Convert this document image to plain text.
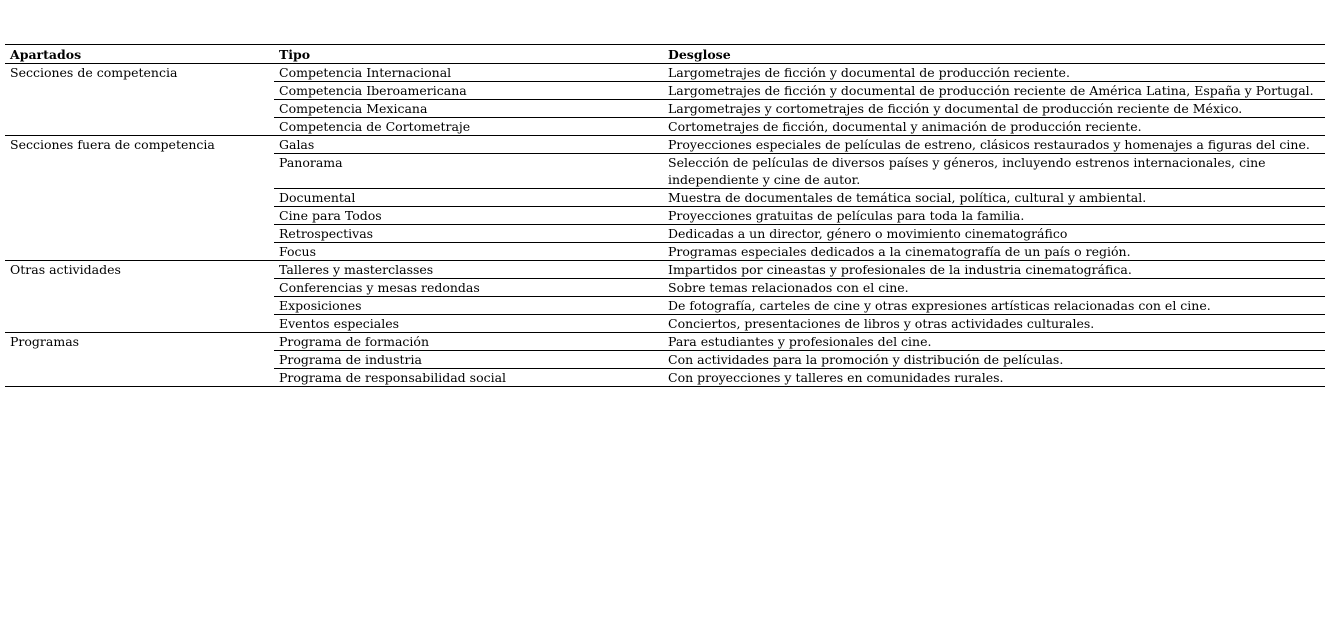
Apartados	Tipo	Desglose
Secciones de competencia	Competencia Internacional	Largometrajes de ficción y documental de producción reciente.
	Competencia Iberoamericana	Largometrajes de ficción y documental de producción reciente de América Latina, España y Portugal.
	Competencia Mexicana	Largometrajes y cortometrajes de ficción y documental de producción reciente de México.
	Competencia de Cortometraje	Cortometrajes de ficción, documental y animación de producción reciente.
Secciones fuera de competencia	Galas	Proyecciones especiales de películas de estreno, clásicos restaurados y homenajes a figuras del cine.
	Panorama	Selección de películas de diversos países y géneros, incluyendo estrenos internacionales, cine independiente y cine de autor.
	Documental	Muestra de documentales de temática social, política, cultural y ambiental.
	Cine para Todos	Proyecciones gratuitas de películas para toda la familia.
	Retrospectivas	Dedicadas a un director, género o movimiento cinematográfico
	Focus	Programas especiales dedicados a la cinematografía de un país o región.
Otras actividades	Talleres y masterclasses	Impartidos por cineastas y profesionales de la industria cinematográfica.
	Conferencias y mesas redondas	Sobre temas relacionados con el cine.
	Exposiciones	De fotografía, carteles de cine y otras expresiones artísticas relacionadas con el cine.
	Eventos especiales	Conciertos, presentaciones de libros y otras actividades culturales.
Programas	Programa de formación	Para estudiantes y profesionales del cine.
	Programa de industria	Con actividades para la promoción y distribución de películas.
	Programa de responsabilidad social	Con proyecciones y talleres en comunidades rurales.
